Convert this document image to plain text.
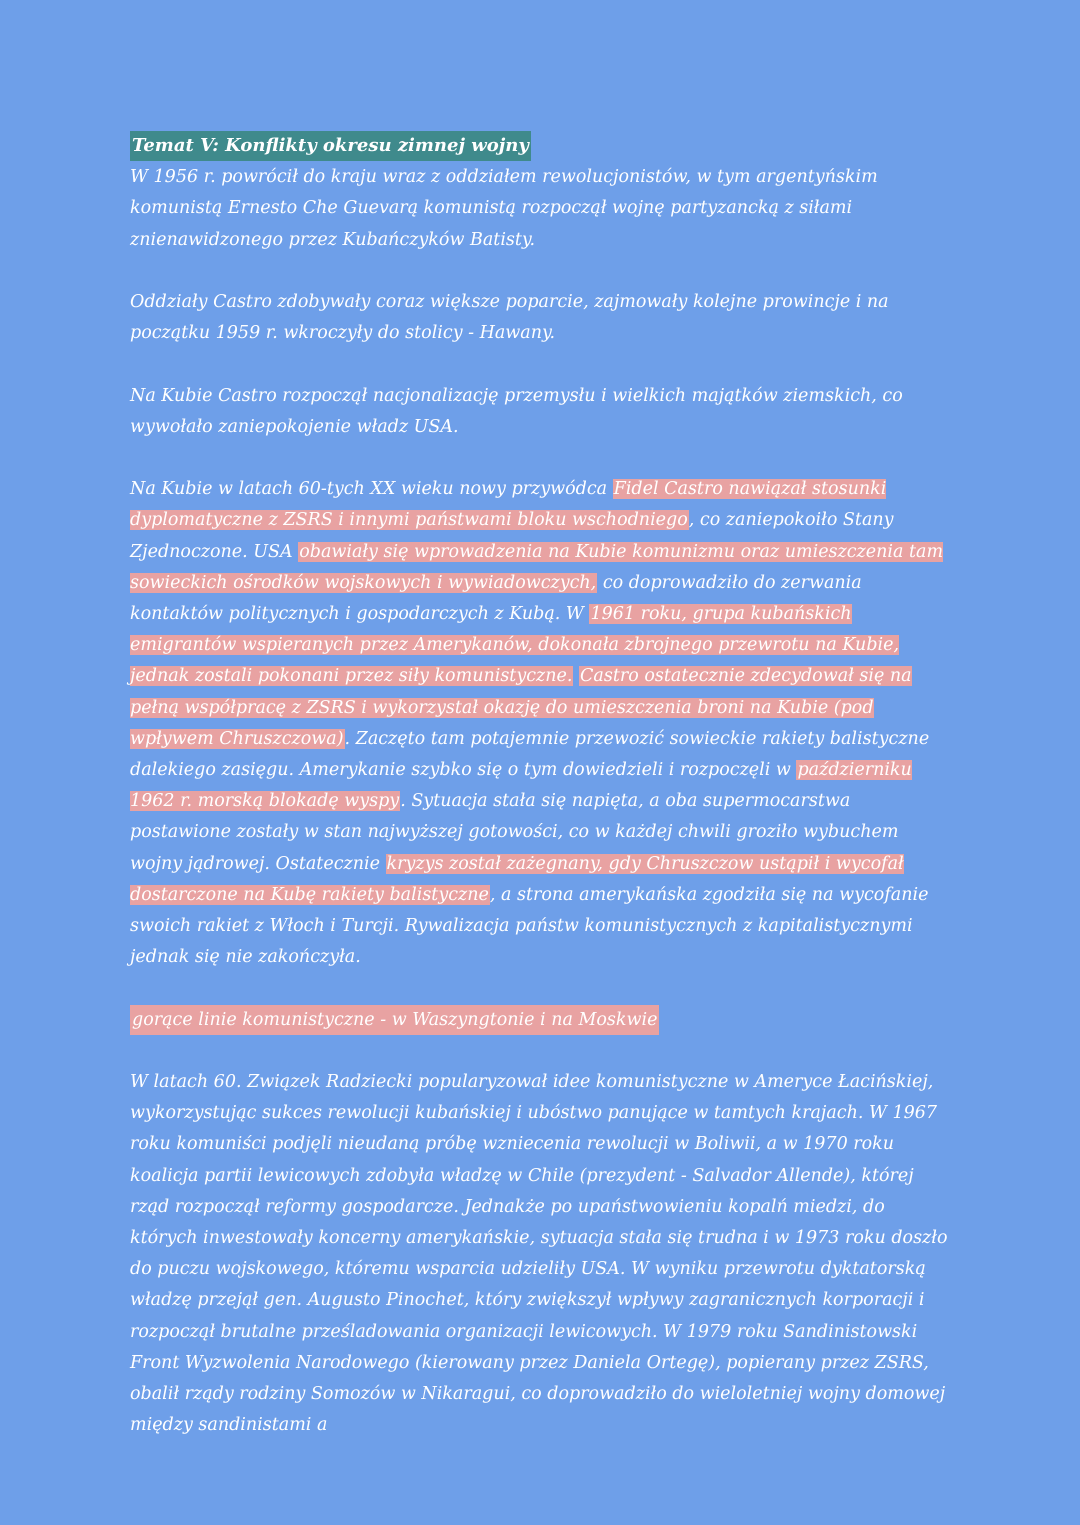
Temat V: Konflikty okresu zimnej wojny

W 1956 r. powrócił do kraju wraz z oddziałem rewolucjonistów, w tym argentyńskim komunistą Ernesto Che Guevarą komunistą rozpoczął wojnę partyzancką z siłami znienawidzonego przez Kubańczyków Batisty.

Oddziały Castro zdobywały coraz większe poparcie, zajmowały kolejne prowincje i na początku 1959 r. wkroczyły do stolicy - Hawany.

Na Kubie Castro rozpoczął nacjonalizację przemysłu i wielkich majątków ziemskich, co wywołało zaniepokojenie władz USA.

Na Kubie w latach 60-tych XX wieku nowy przywódca Fidel Castro nawiązał stosunki dyplomatyczne z ZSRS i innymi państwami bloku wschodniego, co zaniepokoiło Stany Zjednoczone. USA obawiały się wprowadzenia na Kubie komunizmu oraz umieszczenia tam sowieckich ośrodków wojskowych i wywiadowczych, co doprowadziło do zerwania kontaktów politycznych i gospodarczych z Kubą. W 1961 roku, grupa kubańskich emigrantów wspieranych przez Amerykanów, dokonała zbrojnego przewrotu na Kubie, jednak zostali pokonani przez siły komunistyczne. Castro ostatecznie zdecydował się na pełną współpracę z ZSRS i wykorzystał okazję do umieszczenia broni na Kubie (pod wpływem Chruszczowa). Zaczęto tam potajemnie przewozić sowieckie rakiety balistyczne dalekiego zasięgu. Amerykanie szybko się o tym dowiedzieli i rozpoczęli w październiku 1962 r. morską blokadę wyspy. Sytuacja stała się napięta, a oba supermocarstwa postawione zostały w stan najwyższej gotowości, co w każdej chwili groziło wybuchem wojny jądrowej. Ostatecznie kryzys został zażegnany, gdy Chruszczow ustąpił i wycofał dostarczone na Kubę rakiety balistyczne, a strona amerykańska zgodziła się na wycofanie swoich rakiet z Włoch i Turcji. Rywalizacja państw komunistycznych z kapitalistycznymi jednak się nie zakończyła.

gorące linie komunistyczne - w Waszyngtonie i na Moskwie

W latach 60. Związek Radziecki popularyzował idee komunistyczne w Ameryce Łacińskiej, wykorzystując sukces rewolucji kubańskiej i ubóstwo panujące w tamtych krajach. W 1967 roku komuniści podjęli nieudaną próbę wzniecenia rewolucji w Boliwii, a w 1970 roku koalicja partii lewicowych zdobyła władzę w Chile (prezydent - Salvador Allende), której rząd rozpoczął reformy gospodarcze. Jednakże po upaństwowieniu kopalń miedzi, do których inwestowały koncerny amerykańskie, sytuacja stała się trudna i w 1973 roku doszło do puczu wojskowego, któremu wsparcia udzieliły USA. W wyniku przewrotu dyktatorską władzę przejął gen. Augusto Pinochet, który zwiększył wpływy zagranicznych korporacji i rozpoczął brutalne prześladowania organizacji lewicowych. W 1979 roku Sandinistowski Front Wyzwolenia Narodowego (kierowany przez Daniela Ortegę), popierany przez ZSRS, obalił rządy rodziny Somozów w Nikaragui, co doprowadziło do wieloletniej wojny domowej między sandinistami a
